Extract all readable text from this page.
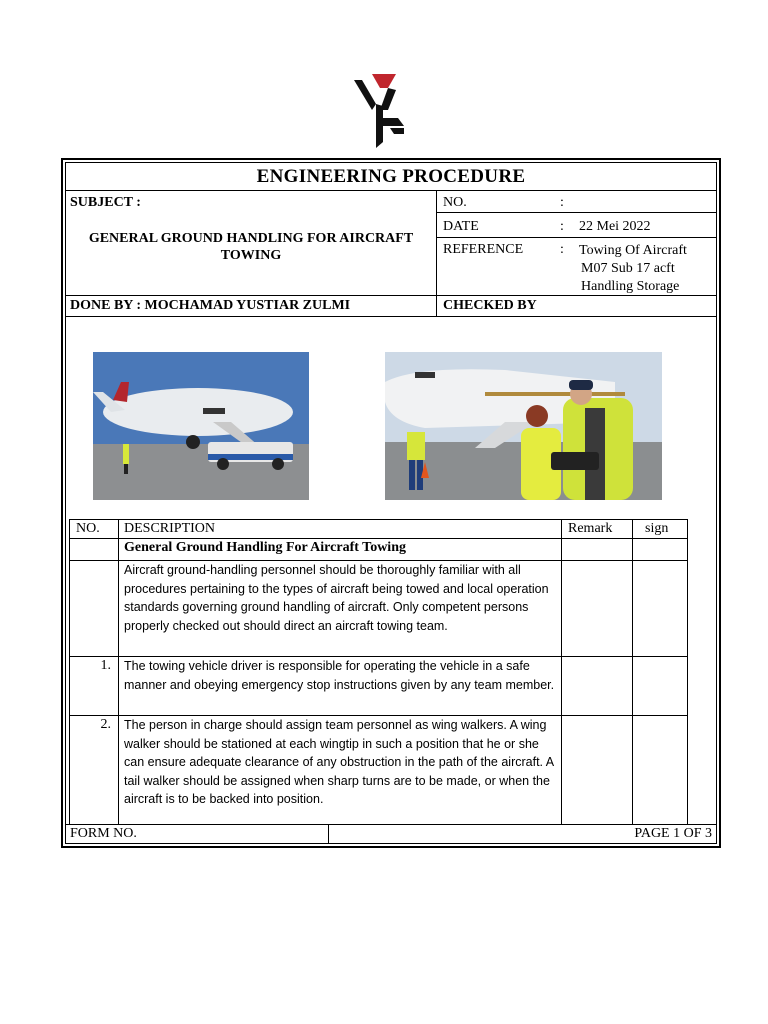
ENGINEERING PROCEDURE
SUBJECT :
GENERAL GROUND HANDLING FOR AIRCRAFT TOWING
NO.	:
DATE	: 22 Mei 2022
REFERENCE	: Towing Of Aircraft
M07 Sub 17 acft
Handling Storage
DONE BY : MOCHAMAD YUSTIAR ZULMI	CHECKED BY
NO. DESCRIPTION	Remark sign
General Ground Handling For Aircraft Towing
Aircraft ground-handling personnel should be thoroughly familiar with all procedures pertaining to the types of aircraft being towed and local operation standards governing ground handling of aircraft. Only competent persons properly checked out should direct an aircraft towing team.
1. The towing vehicle driver is responsible for operating the vehicle in a safe manner and obeying emergency stop instructions given by any team member.
2. The person in charge should assign team personnel as wing walkers. A wing walker should be stationed at each wingtip in such a position that he or she can ensure adequate clearance of any obstruction in the path of the aircraft. A tail walker should be assigned when sharp turns are to be made, or when the aircraft is to be backed into position.
FORM NO.	PAGE 1 OF 3
